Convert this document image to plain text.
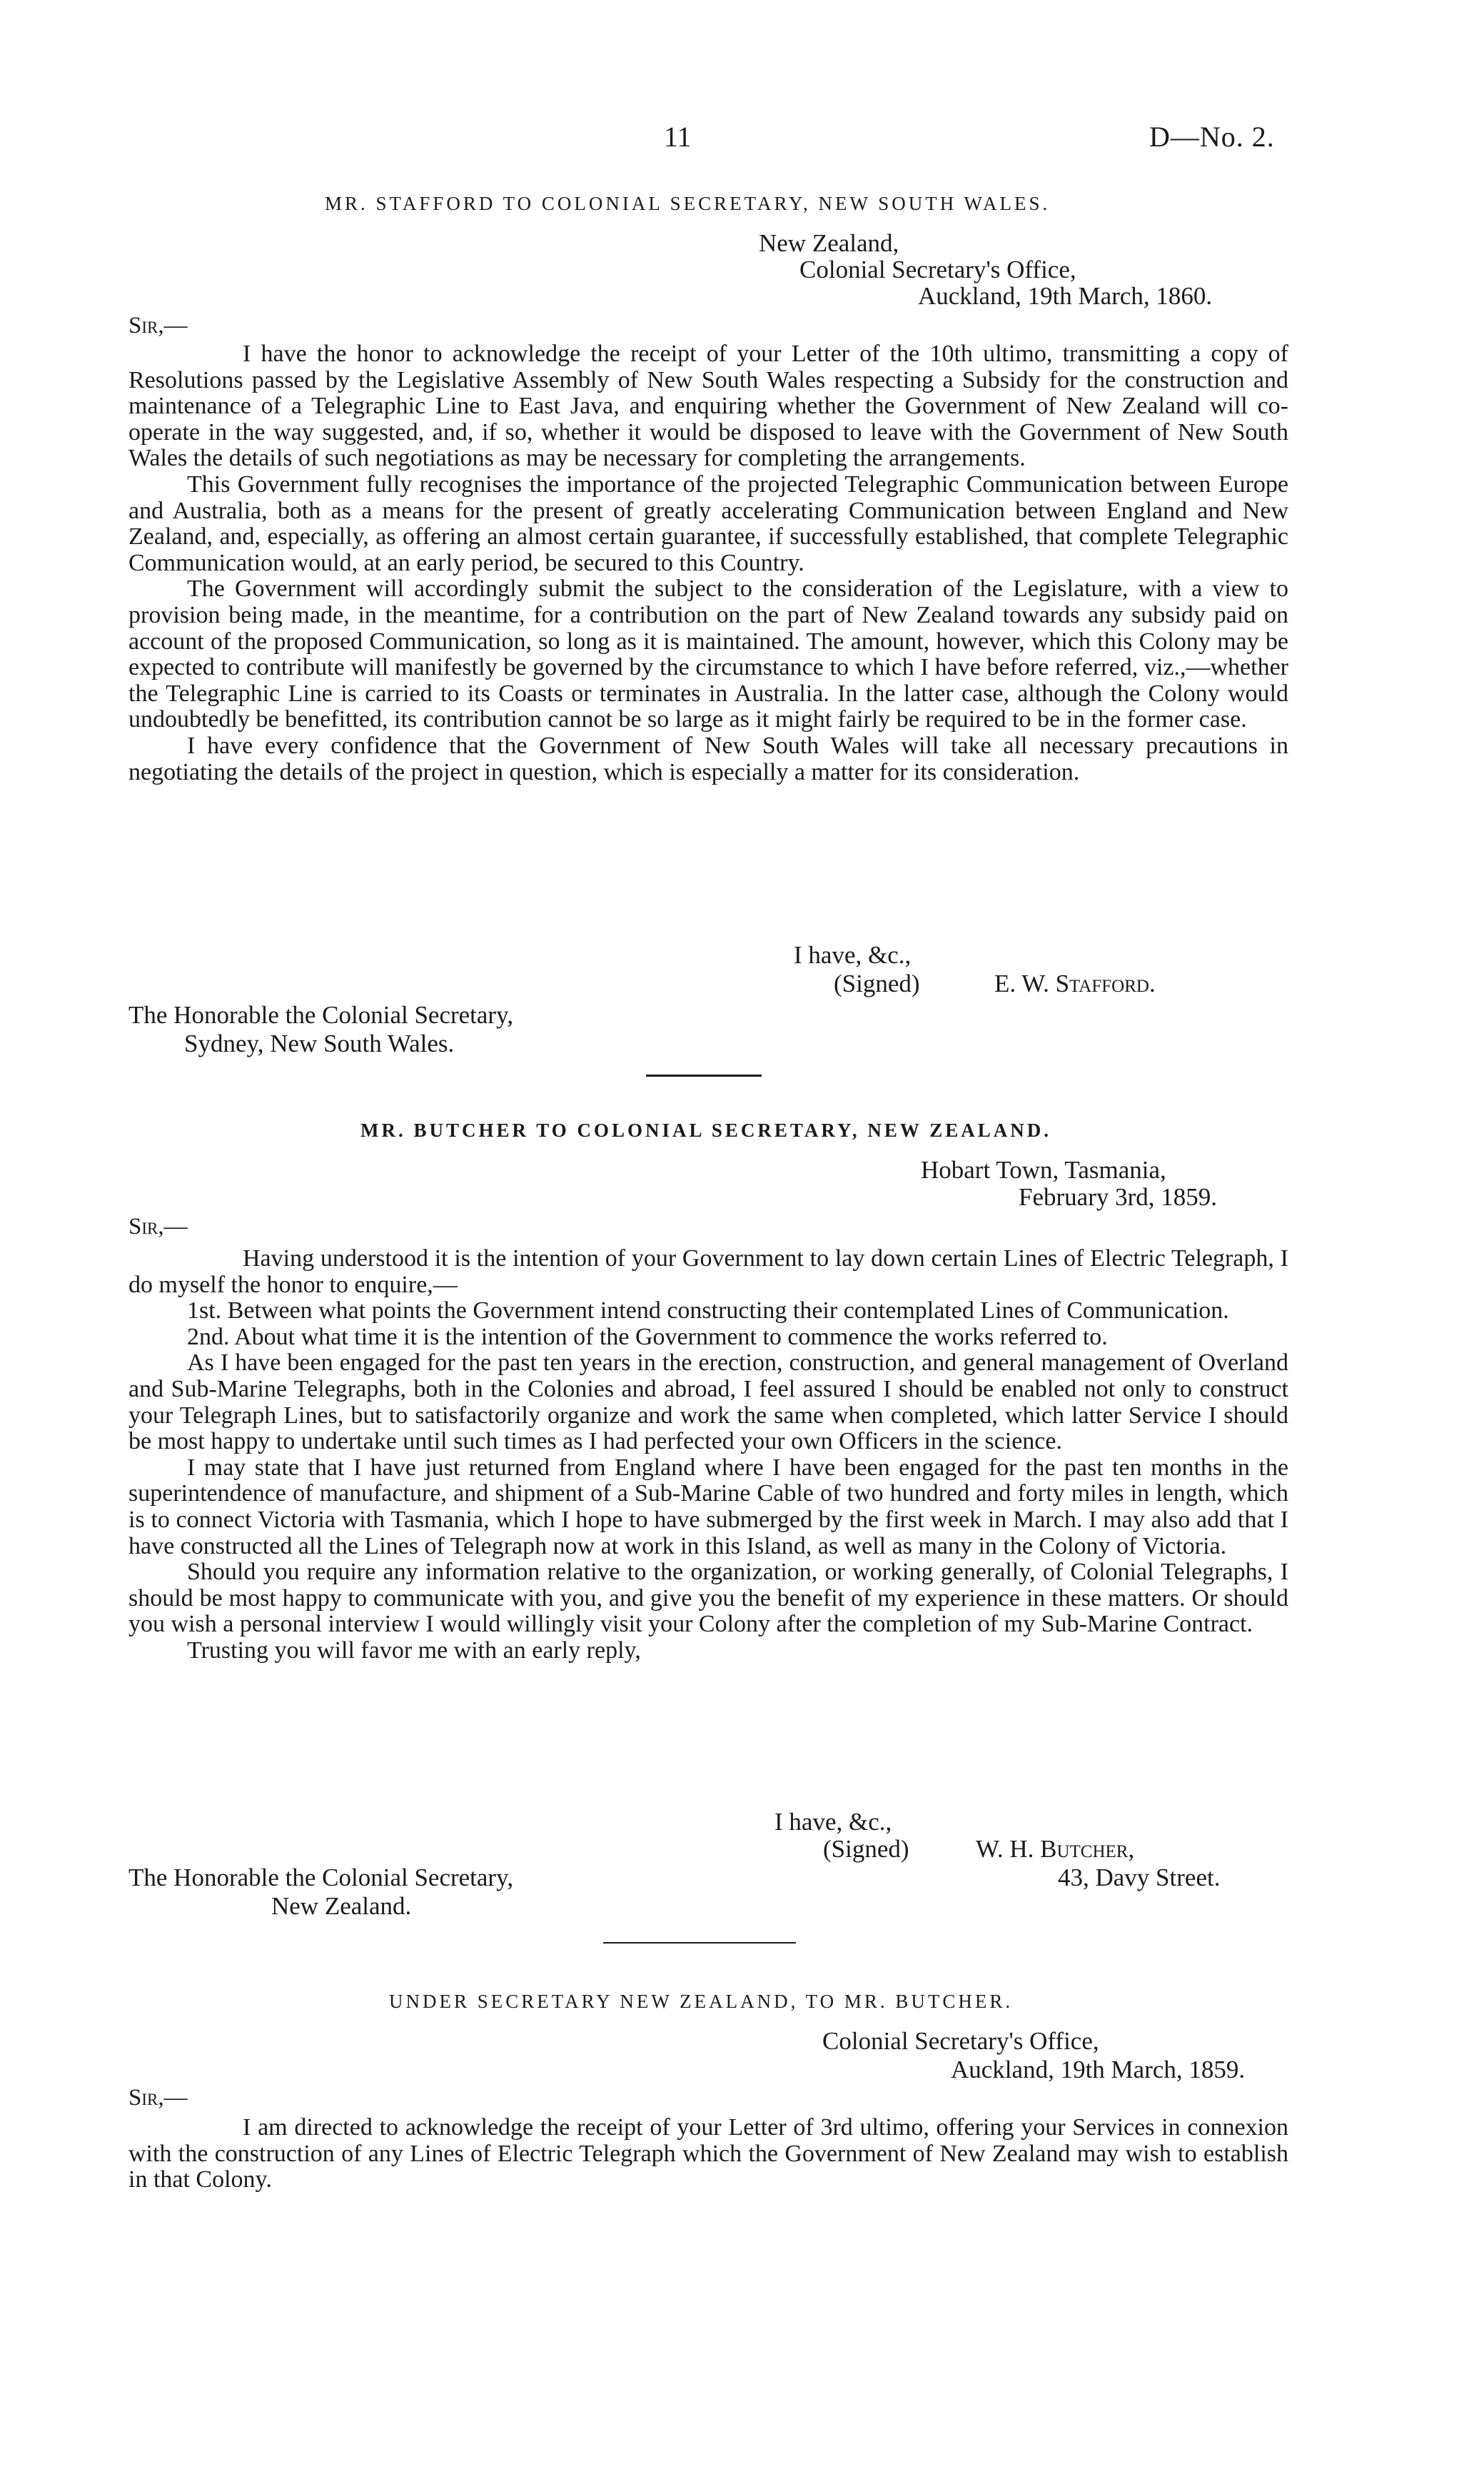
11	D—No. 2.
MR. STAFFORD TO COLONIAL SECRETARY, NEW SOUTH WALES.
New Zealand,
Colonial Secretary's Office,
Auckland, 19th March, 1860.
Sir,—

I have the honor to acknowledge the receipt of your Letter of the 10th ultimo, transmitting a copy of Resolutions passed by the Legislative Assembly of New South Wales respecting a Subsidy for the construction and maintenance of a Telegraphic Line to East Java, and enquiring whether the Government of New Zealand will co-operate in the way suggested, and, if so, whether it would be disposed to leave with the Government of New South Wales the details of such negotiations as may be necessary for completing the arrangements.

This Government fully recognises the importance of the projected Telegraphic Communication between Europe and Australia, both as a means for the present of greatly accelerating Communication between England and New Zealand, and, especially, as offering an almost certain guarantee, if successfully established, that complete Telegraphic Communication would, at an early period, be secured to this Country.

The Government will accordingly submit the subject to the consideration of the Legislature, with a view to provision being made, in the meantime, for a contribution on the part of New Zealand towards any subsidy paid on account of the proposed Communication, so long as it is maintained. The amount, however, which this Colony may be expected to contribute will manifestly be governed by the circumstance to which I have before referred, viz.,—whether the Telegraphic Line is carried to its Coasts or terminates in Australia. In the latter case, although the Colony would undoubtedly be benefitted, its contribution cannot be so large as it might fairly be required to be in the former case.

I have every confidence that the Government of New South Wales will take all necessary precautions in negotiating the details of the project in question, which is especially a matter for its consideration.

I have, &c.,
(Signed)	E. W. Stafford.
The Honorable the Colonial Secretary,
Sydney, New South Wales.
MR. BUTCHER TO COLONIAL SECRETARY, NEW ZEALAND.
Hobart Town, Tasmania,
February 3rd, 1859.
Sir,—

Having understood it is the intention of your Government to lay down certain Lines of Electric Telegraph, I do myself the honor to enquire,—

1st. Between what points the Government intend constructing their contemplated Lines of Communication.

2nd. About what time it is the intention of the Government to commence the works referred to.

As I have been engaged for the past ten years in the erection, construction, and general management of Overland and Sub-Marine Telegraphs, both in the Colonies and abroad, I feel assured I should be enabled not only to construct your Telegraph Lines, but to satisfactorily organize and work the same when completed, which latter Service I should be most happy to undertake until such times as I had perfected your own Officers in the science.

I may state that I have just returned from England where I have been engaged for the past ten months in the superintendence of manufacture, and shipment of a Sub-Marine Cable of two hundred and forty miles in length, which is to connect Victoria with Tasmania, which I hope to have submerged by the first week in March. I may also add that I have constructed all the Lines of Telegraph now at work in this Island, as well as many in the Colony of Victoria.

Should you require any information relative to the organization, or working generally, of Colonial Telegraphs, I should be most happy to communicate with you, and give you the benefit of my experience in these matters. Or should you wish a personal interview I would willingly visit your Colony after the completion of my Sub-Marine Contract.

Trusting you will favor me with an early reply,

I have, &c.,
(Signed)	W. H. Butcher,
43, Davy Street.
The Honorable the Colonial Secretary,
New Zealand.
UNDER SECRETARY NEW ZEALAND, TO MR. BUTCHER.
Colonial Secretary's Office,
Auckland, 19th March, 1859.
Sir,—

I am directed to acknowledge the receipt of your Letter of 3rd ultimo, offering your Services in connexion with the construction of any Lines of Electric Telegraph which the Government of New Zealand may wish to establish in that Colony.
